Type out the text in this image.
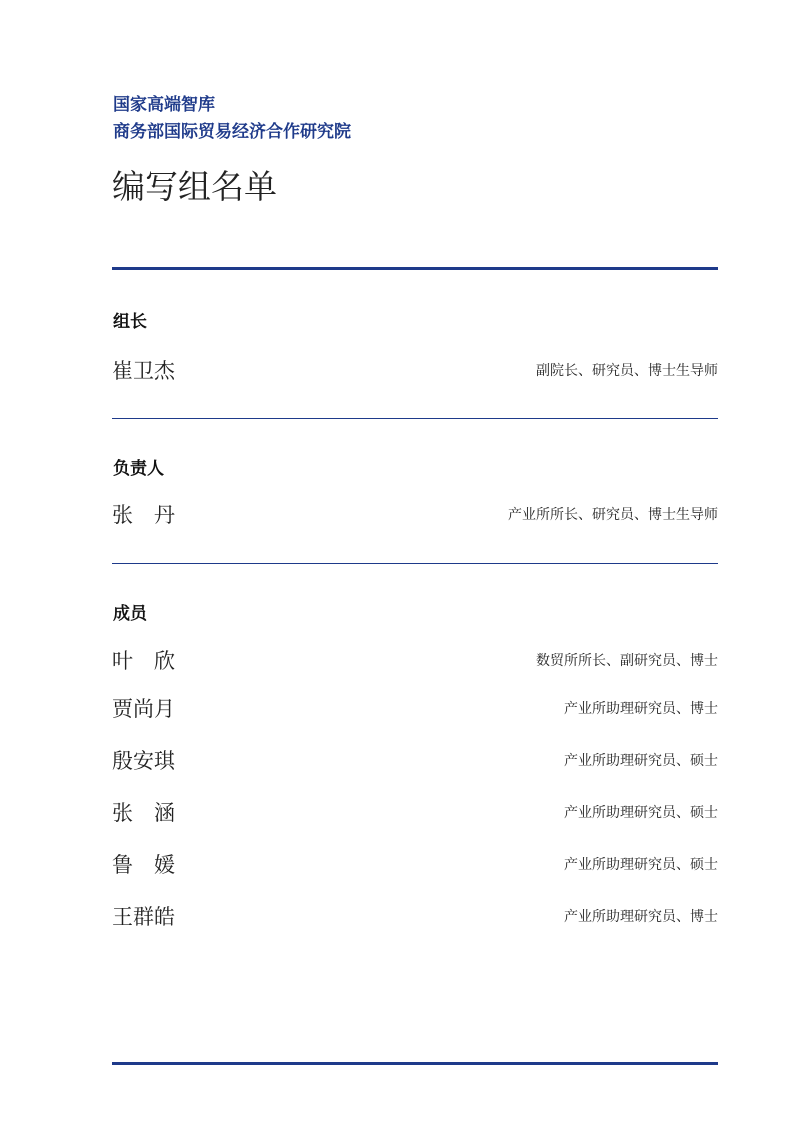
国家高端智库
商务部国际贸易经济合作研究院
编写组名单
组长
崔卫杰	副院长、研究员、博士生导师
负责人
张　丹	产业所所长、研究员、博士生导师
成员
叶　欣	数贸所所长、副研究员、博士
贾尚月	产业所助理研究员、博士
殷安琪	产业所助理研究员、硕士
张　涵	产业所助理研究员、硕士
鲁　媛	产业所助理研究员、硕士
王群皓	产业所助理研究员、博士
